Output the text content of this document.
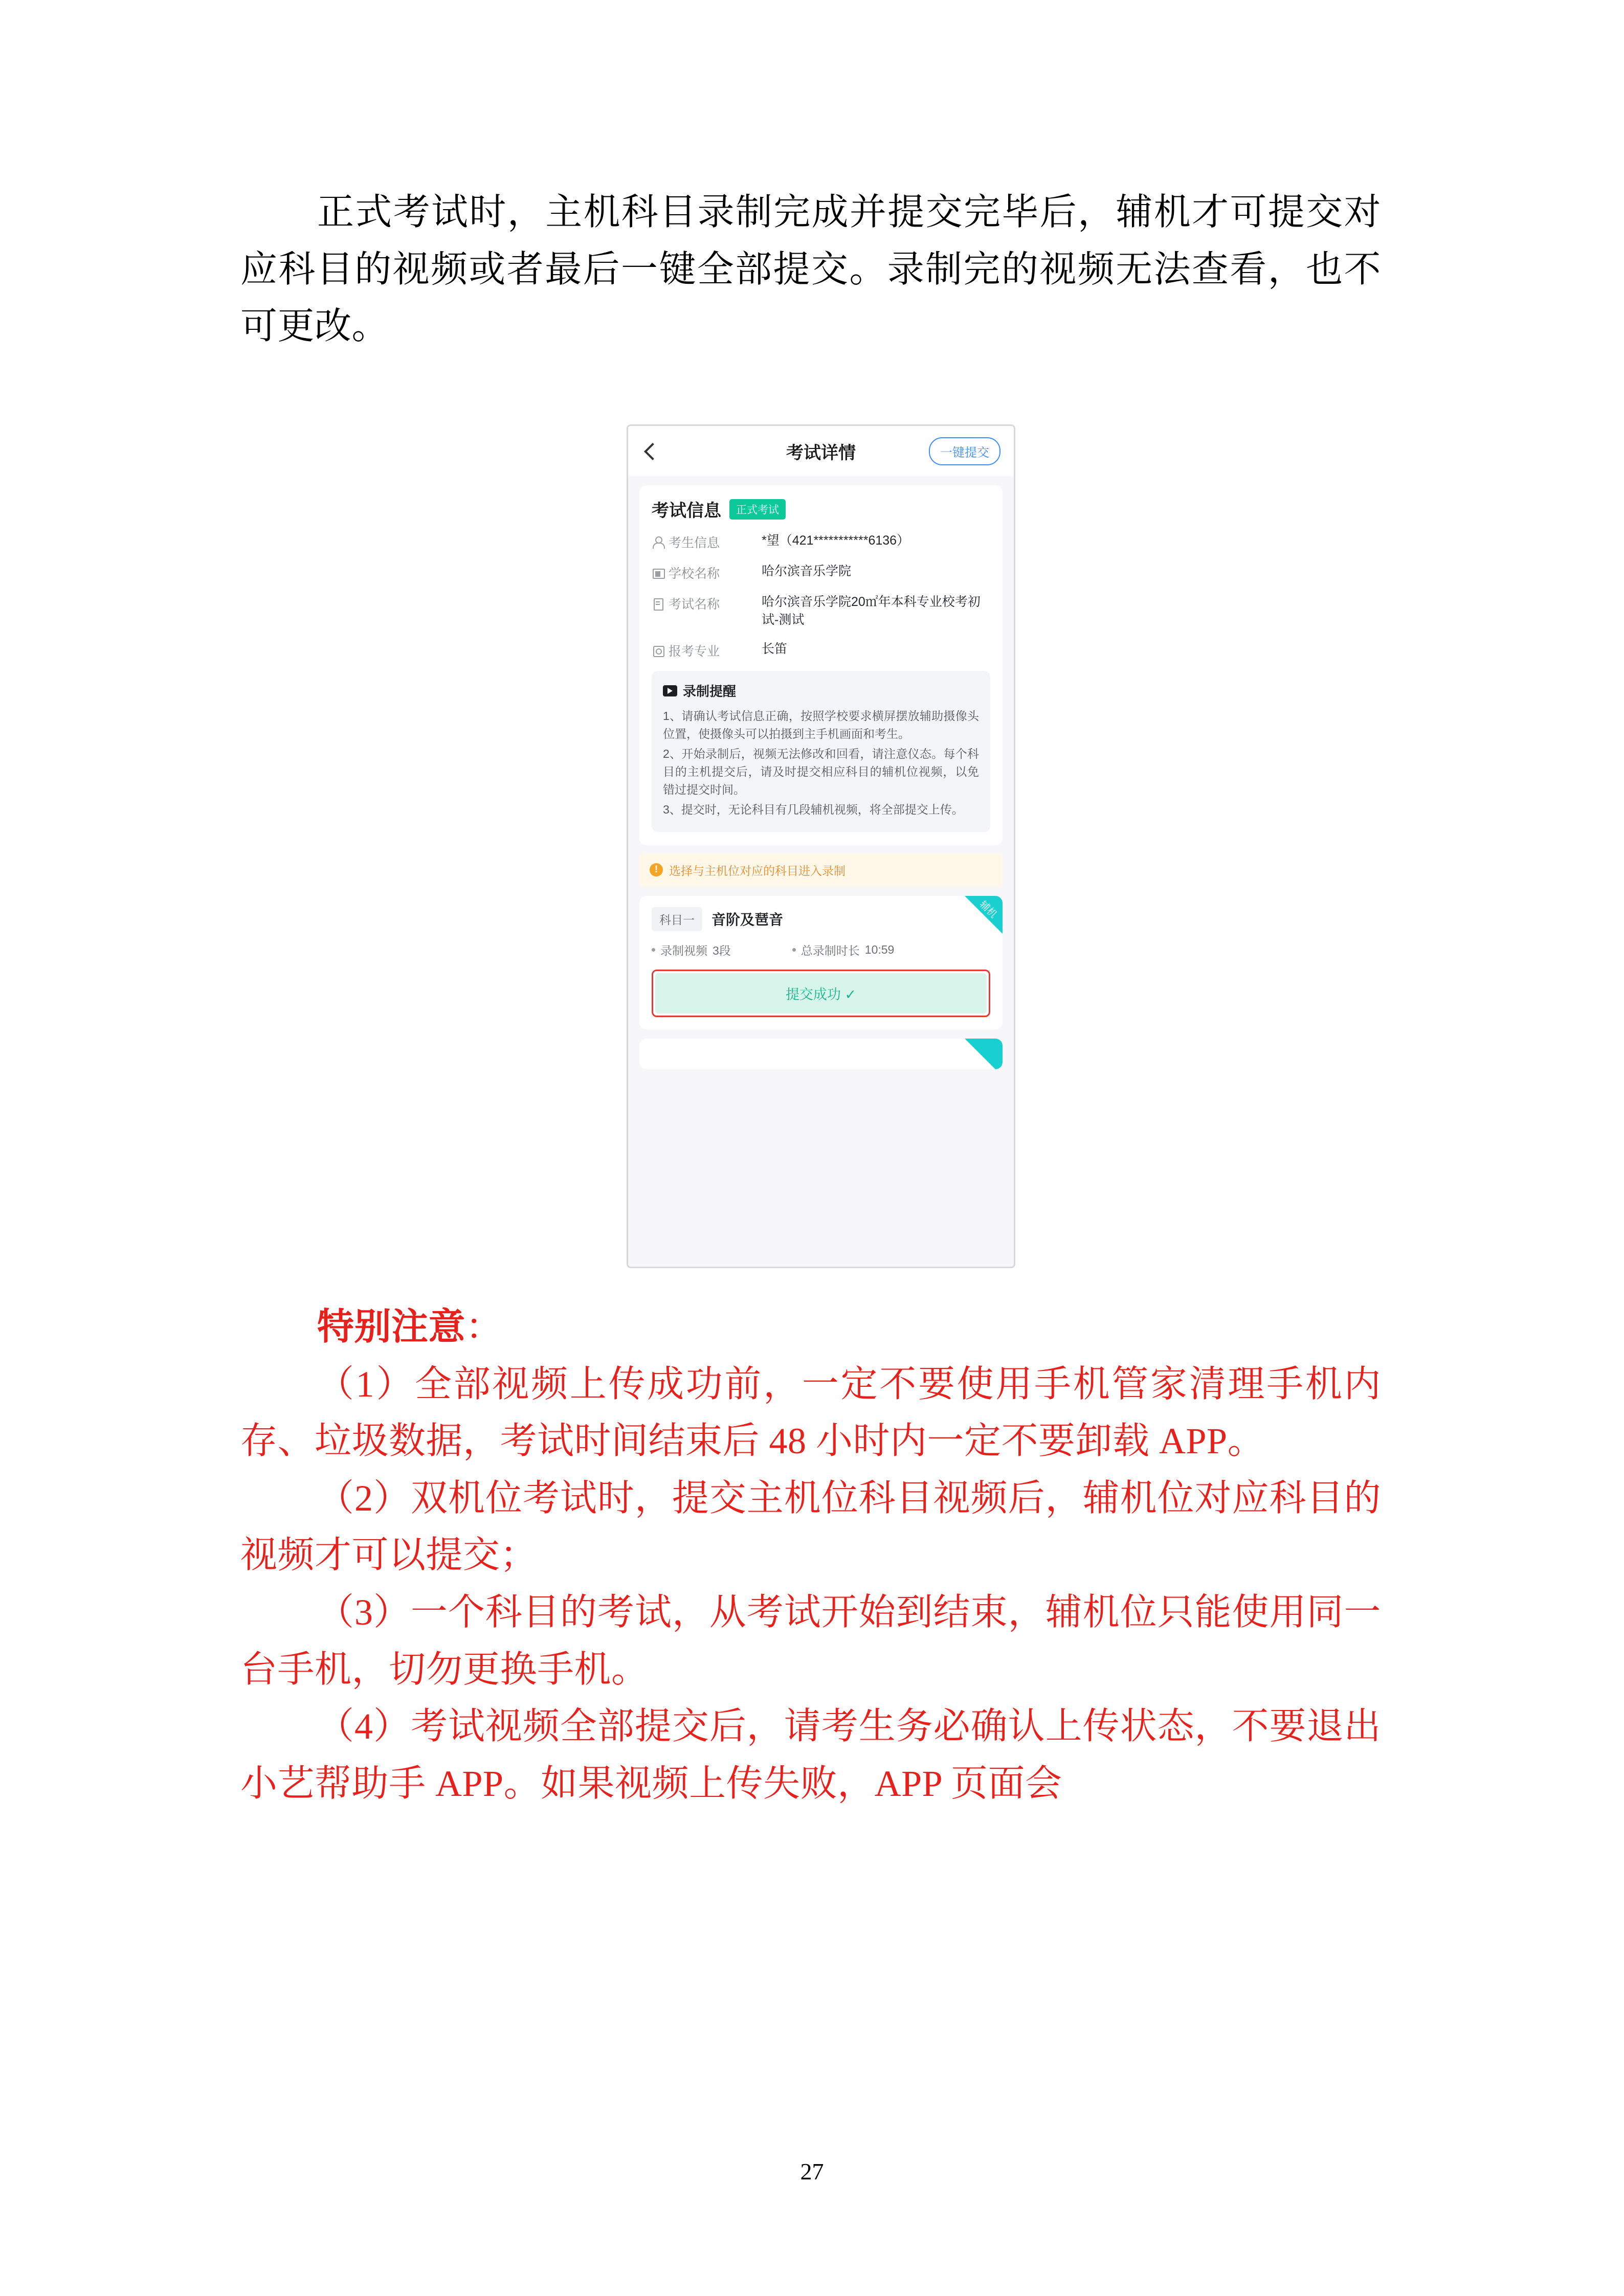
正式考试时，主机科目录制完成并提交完毕后，辅机才可提交对应科目的视频或者最后一键全部提交。录制完的视频无法查看，也不可更改。

考试详情	一键提交
考试信息	正式考试
考生信息	*望（421***********6136）
学校名称	哈尔滨音乐学院
考试名称	哈尔滨音乐学院20㎡年本科专业校考初试-测试
报考专业	长笛
录制提醒
1、请确认考试信息正确，按照学校要求横屏摆放辅助摄像头位置，使摄像头可以拍摄到主手机画面和考生。
2、开始录制后，视频无法修改和回看，请注意仪态。每个科目的主机提交后，请及时提交相应科目的辅机位视频，以免错过提交时间。
3、提交时，无论科目有几段辅机视频，将全部提交上传。
! 选择与主机位对应的科目进入录制
辅机
科目一	音阶及琶音
录制视频 3段	总录制时长 10:59
提交成功 ✓

特别注意：

（1）全部视频上传成功前，一定不要使用手机管家清理手机内存、垃圾数据，考试时间结束后 48 小时内一定不要卸载 APP。

（2）双机位考试时，提交主机位科目视频后，辅机位对应科目的视频才可以提交；

（3）一个科目的考试，从考试开始到结束，辅机位只能使用同一台手机，切勿更换手机。

（4）考试视频全部提交后，请考生务必确认上传状态，不要退出小艺帮助手 APP。如果视频上传失败，APP 页面会

27
